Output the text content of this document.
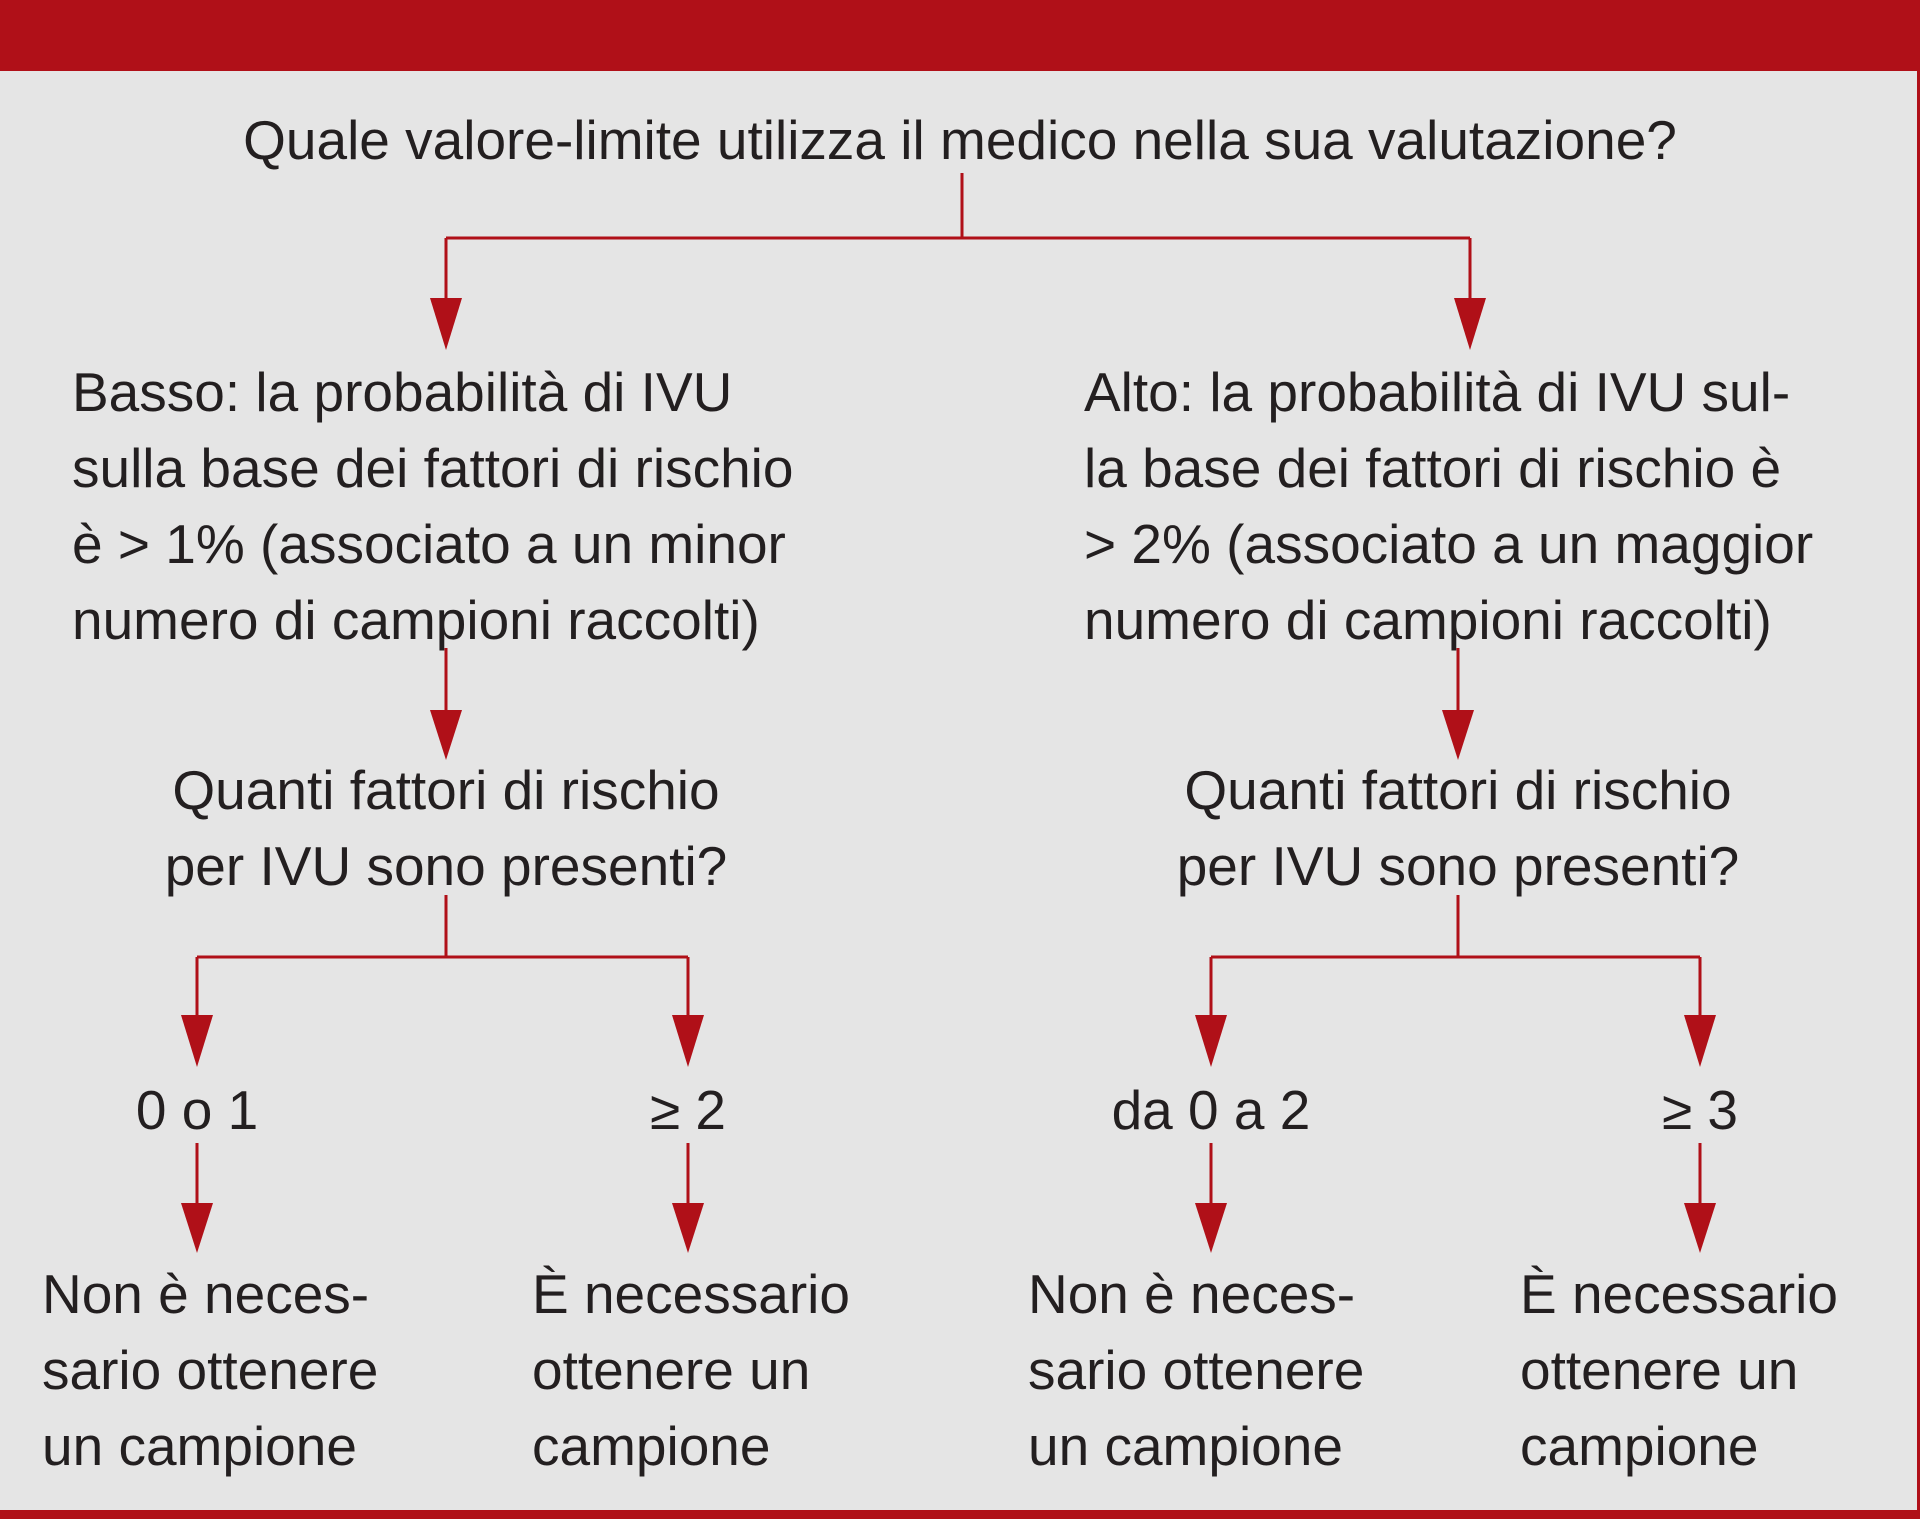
Quale valore-limite utilizza il medico nella sua valutazione?
Basso: la probabilità di IVU
sulla base dei fattori di rischio
è > 1% (associato a un minor
numero di campioni raccolti)
Quanti fattori di rischio
per IVU sono presenti?
0 o 1	≥ 2
Non è neces-
sario ottenere
un campione
È necessario
ottenere un
campione
Alto: la probabilità di IVU sul-
la base dei fattori di rischio è
> 2% (associato a un maggior
numero di campioni raccolti)
Quanti fattori di rischio
per IVU sono presenti?
da 0 a 2	≥ 3
Non è neces-
sario ottenere
un campione
È necessario
ottenere un
campione
